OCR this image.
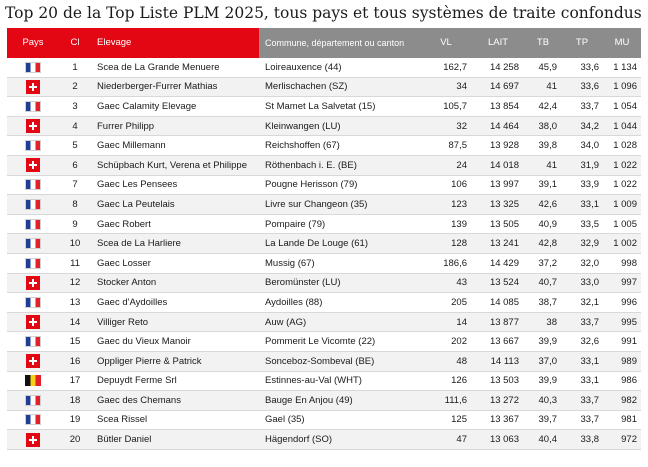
Top 20 de la Top Liste PLM 2025, tous pays et tous systèmes de traite confondus
Pays	Cl	Elevage	Commune, département ou canton	VL	LAIT	TB	TP	MU
1	Scea de La Grande Menuere	Loireauxence (44)	162,7	14 258	45,9	33,6	1 134
2	Niederberger-Furrer Mathias	Merlischachen (SZ)	34	14 697	41	33,6	1 096
3	Gaec Calamity Elevage	St Mamet La Salvetat (15)	105,7	13 854	42,4	33,7	1 054
4	Furrer Philipp	Kleinwangen (LU)	32	14 464	38,0	34,2	1 044
5	Gaec Millemann	Reichshoffen (67)	87,5	13 928	39,8	34,0	1 028
6	Schüpbach Kurt, Verena et Philippe	Röthenbach i. E. (BE)	24	14 018	41	31,9	1 022
7	Gaec Les Pensees	Pougne Herisson (79)	106	13 997	39,1	33,9	1 022
8	Gaec La Peutelais	Livre sur Changeon (35)	123	13 325	42,6	33,1	1 009
9	Gaec Robert	Pompaire (79)	139	13 505	40,9	33,5	1 005
10	Scea de La Harliere	La Lande De Louge (61)	128	13 241	42,8	32,9	1 002
11	Gaec Losser	Mussig (67)	186,6	14 429	37,2	32,0	998
12	Stocker Anton	Beromünster (LU)	43	13 524	40,7	33,0	997
13	Gaec d'Aydoilles	Aydoilles (88)	205	14 085	38,7	32,1	996
14	Villiger Reto	Auw (AG)	14	13 877	38	33,7	995
15	Gaec du Vieux Manoir	Pommerit Le Vicomte (22)	202	13 667	39,9	32,6	991
16	Oppliger Pierre & Patrick	Sonceboz-Sombeval (BE)	48	14 113	37,0	33,1	989
17	Depuydt Ferme Srl	Estinnes-au-Val (WHT)	126	13 503	39,9	33,1	986
18	Gaec des Chemans	Bauge En Anjou (49)	111,6	13 272	40,3	33,7	982
19	Scea Rissel	Gael (35)	125	13 367	39,7	33,7	981
20	Bütler Daniel	Hägendorf (SO)	47	13 063	40,4	33,8	972
